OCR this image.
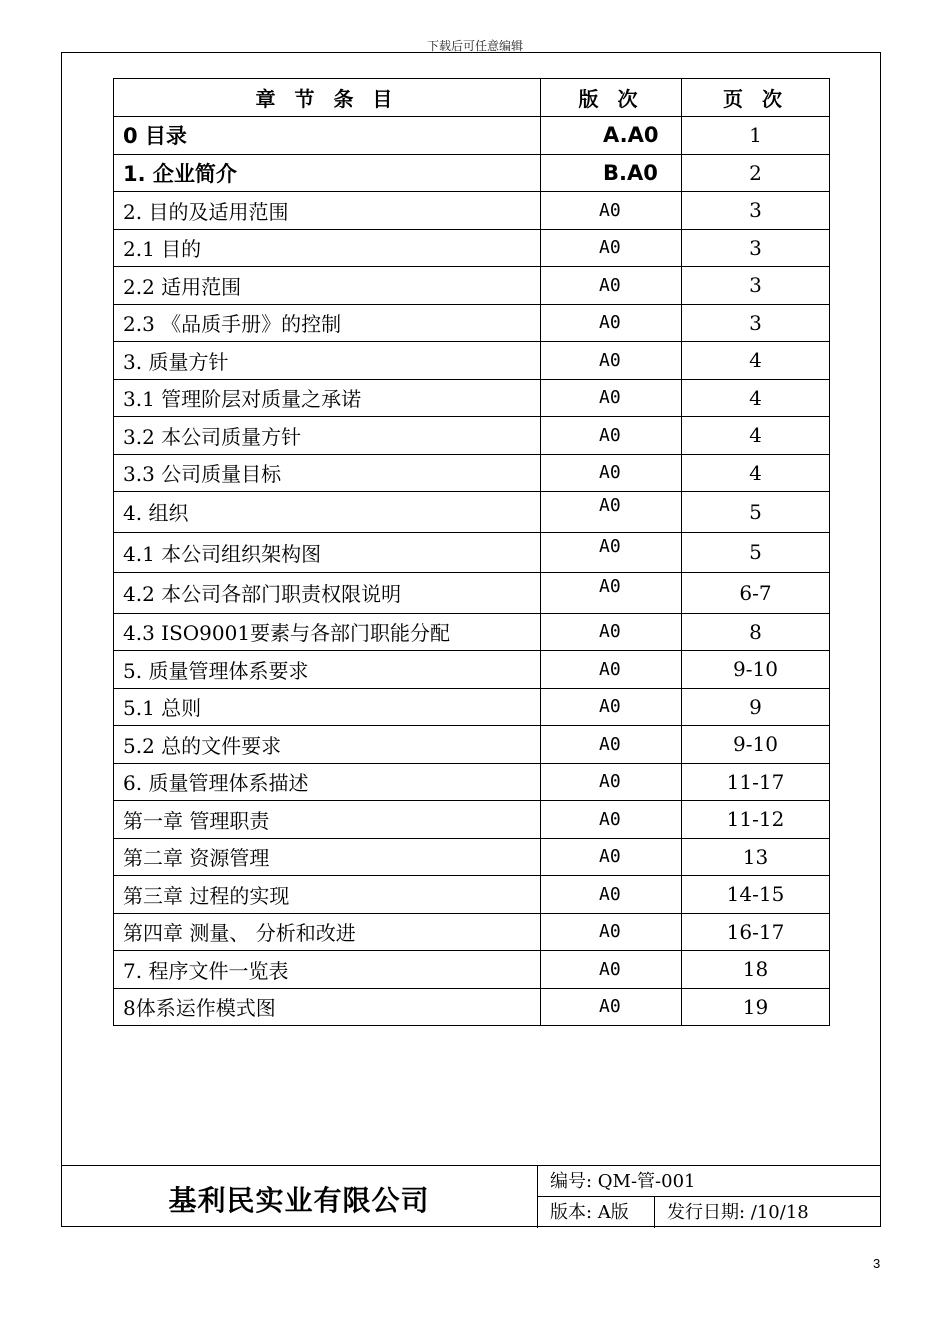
下载后可任意编辑
章 节 条 目	版 次	页 次
0 目录	A.A0	1
1. 企业简介	B.A0	2
2. 目的及适用范围	A0	3
2.1 目的	A0	3
2.2 适用范围	A0	3
2.3 《品质手册》的控制	A0	3
3. 质量方针	A0	4
3.1 管理阶层对质量之承诺	A0	4
3.2 本公司质量方针	A0	4
3.3 公司质量目标	A0	4
4. 组织	A0	5
4.1 本公司组织架构图	A0	5
4.2 本公司各部门职责权限说明	A0	6-7
4.3 ISO9001要素与各部门职能分配	A0	8
5. 质量管理体系要求	A0	9-10
5.1 总则	A0	9
5.2 总的文件要求	A0	9-10
6. 质量管理体系描述	A0	11-17
第一章 管理职责	A0	11-12
第二章 资源管理	A0	13
第三章 过程的实现	A0	14-15
第四章 测量、 分析和改进	A0	16-17
7. 程序文件一览表	A0	18
8体系运作模式图	A0	19
基利民实业有限公司
编号: QM-管-001
版本: A版	发行日期: /10/18
3
